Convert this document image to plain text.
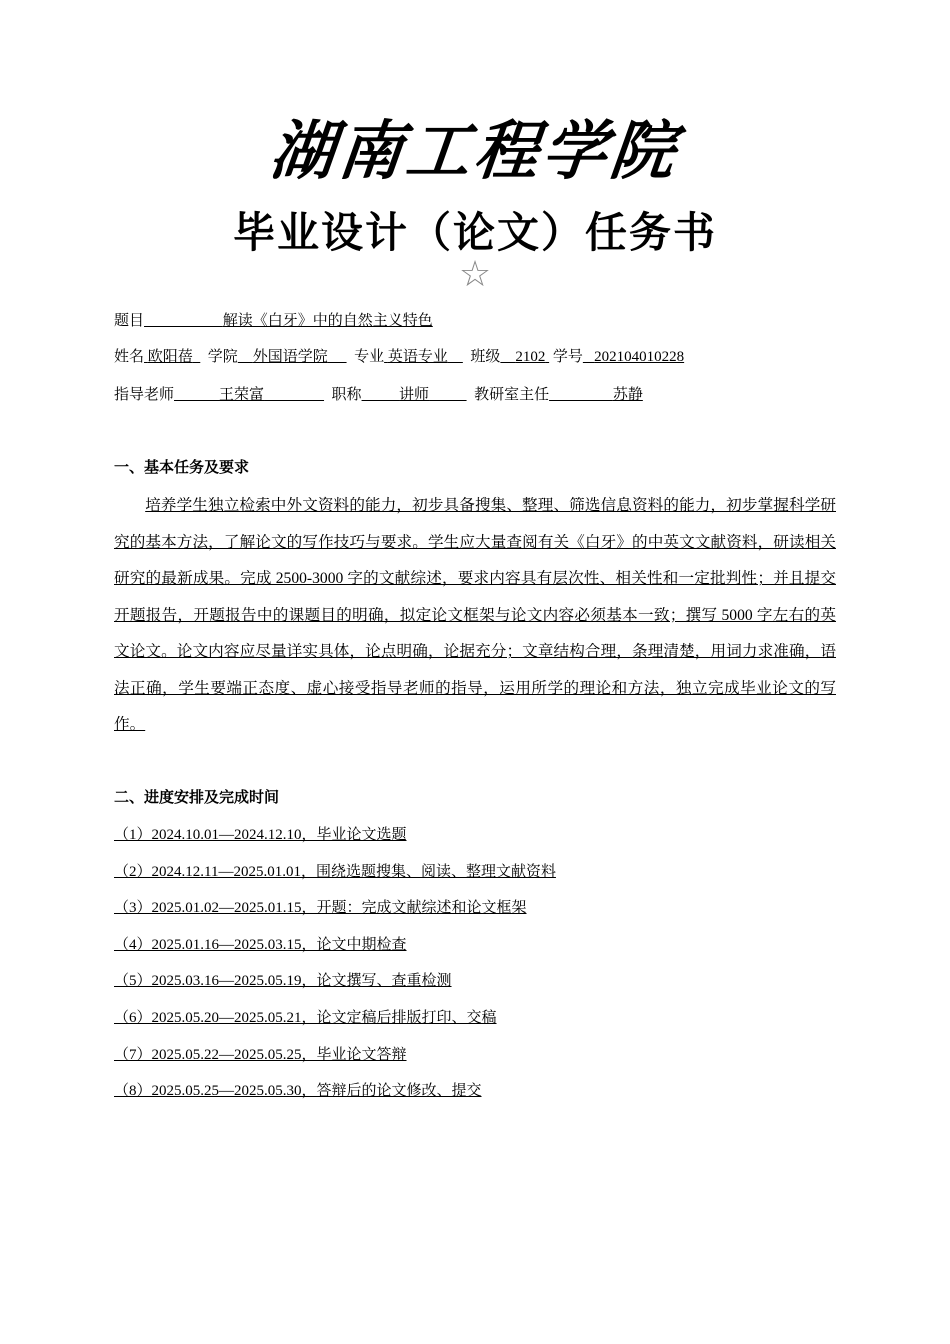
湖南工程学院
毕业设计（论文）任务书
☆
题目	解读《白牙》中的自然主义特色
姓名 欧阳蓓 学院 外国语学院 专业 英语专业 班级 2102 学号 202104010228
指导老师	王荣富	职称	讲师	教研室主任	苏静
一、基本任务及要求
培养学生独立检索中外文资料的能力，初步具备搜集、整理、筛选信息资料的能力，初步掌握科学研究的基本方法，了解论文的写作技巧与要求。学生应大量查阅有关《白牙》的中英文文献资料，研读相关研究的最新成果。完成 2500-3000 字的文献综述，要求内容具有层次性、相关性和一定批判性；并且提交开题报告，开题报告中的课题目的明确，拟定论文框架与论文内容必须基本一致；撰写 5000 字左右的英文论文。论文内容应尽量详实具体，论点明确，论据充分；文章结构合理，条理清楚，用词力求准确，语法正确，学生要端正态度、虚心接受指导老师的指导，运用所学的理论和方法，独立完成毕业论文的写作。
二、进度安排及完成时间
（1）2024.10.01—2024.12.10，毕业论文选题
（2）2024.12.11—2025.01.01，围绕选题搜集、阅读、整理文献资料
（3）2025.01.02—2025.01.15，开题：完成文献综述和论文框架
（4）2025.01.16—2025.03.15，论文中期检查
（5）2025.03.16—2025.05.19，论文撰写、查重检测
（6）2025.05.20—2025.05.21，论文定稿后排版打印、交稿
（7）2025.05.22—2025.05.25，毕业论文答辩
（8）2025.05.25—2025.05.30，答辩后的论文修改、提交
